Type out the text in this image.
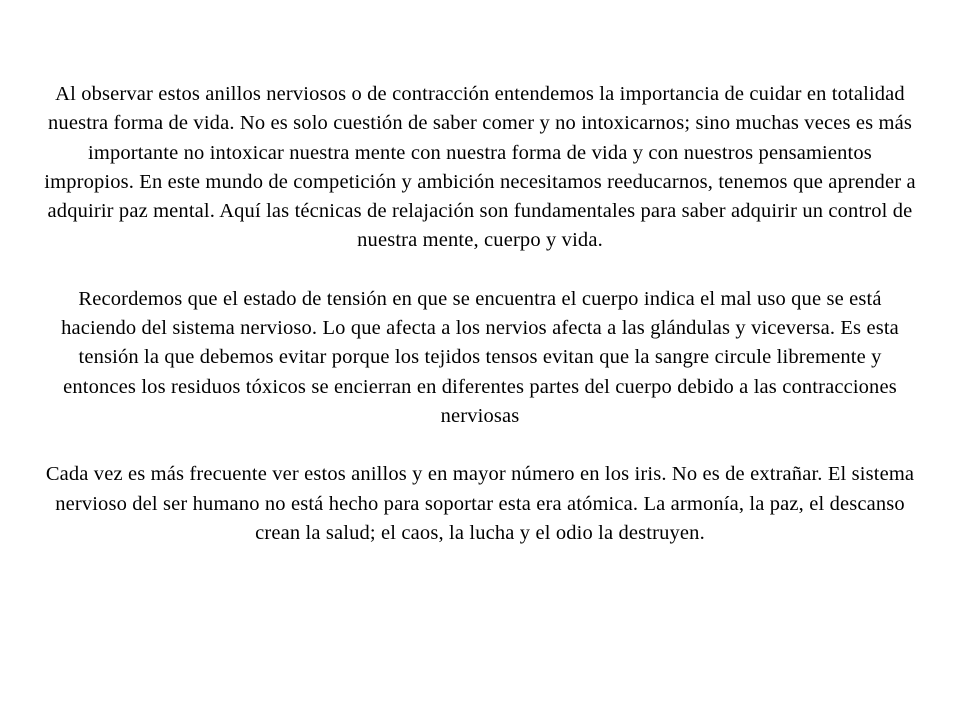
Al observar estos anillos nerviosos o de contracción entendemos la importancia de cuidar en totalidad nuestra forma de vida. No es solo cuestión de saber comer y no intoxicarnos; sino muchas veces es más importante no intoxicar nuestra mente con nuestra forma de vida y con nuestros pensamientos impropios. En este mundo de competición y ambición necesitamos reeducarnos, tenemos que aprender a adquirir paz mental. Aquí las técnicas de relajación son fundamentales para saber adquirir un control de nuestra mente, cuerpo y vida.

Recordemos que el estado de tensión en que se encuentra el cuerpo indica el mal uso que se está haciendo del sistema nervioso. Lo que afecta a los nervios afecta a las glándulas y viceversa. Es esta tensión la que debemos evitar porque los tejidos tensos evitan que la sangre circule libremente y entonces los residuos tóxicos se encierran en diferentes partes del cuerpo debido a las contracciones nerviosas

Cada vez es más frecuente ver estos anillos y en mayor número en los iris. No es de extrañar. El sistema nervioso del ser humano no está hecho para soportar esta era atómica. La armonía, la paz, el descanso crean la salud; el caos, la lucha y el odio la destruyen.
